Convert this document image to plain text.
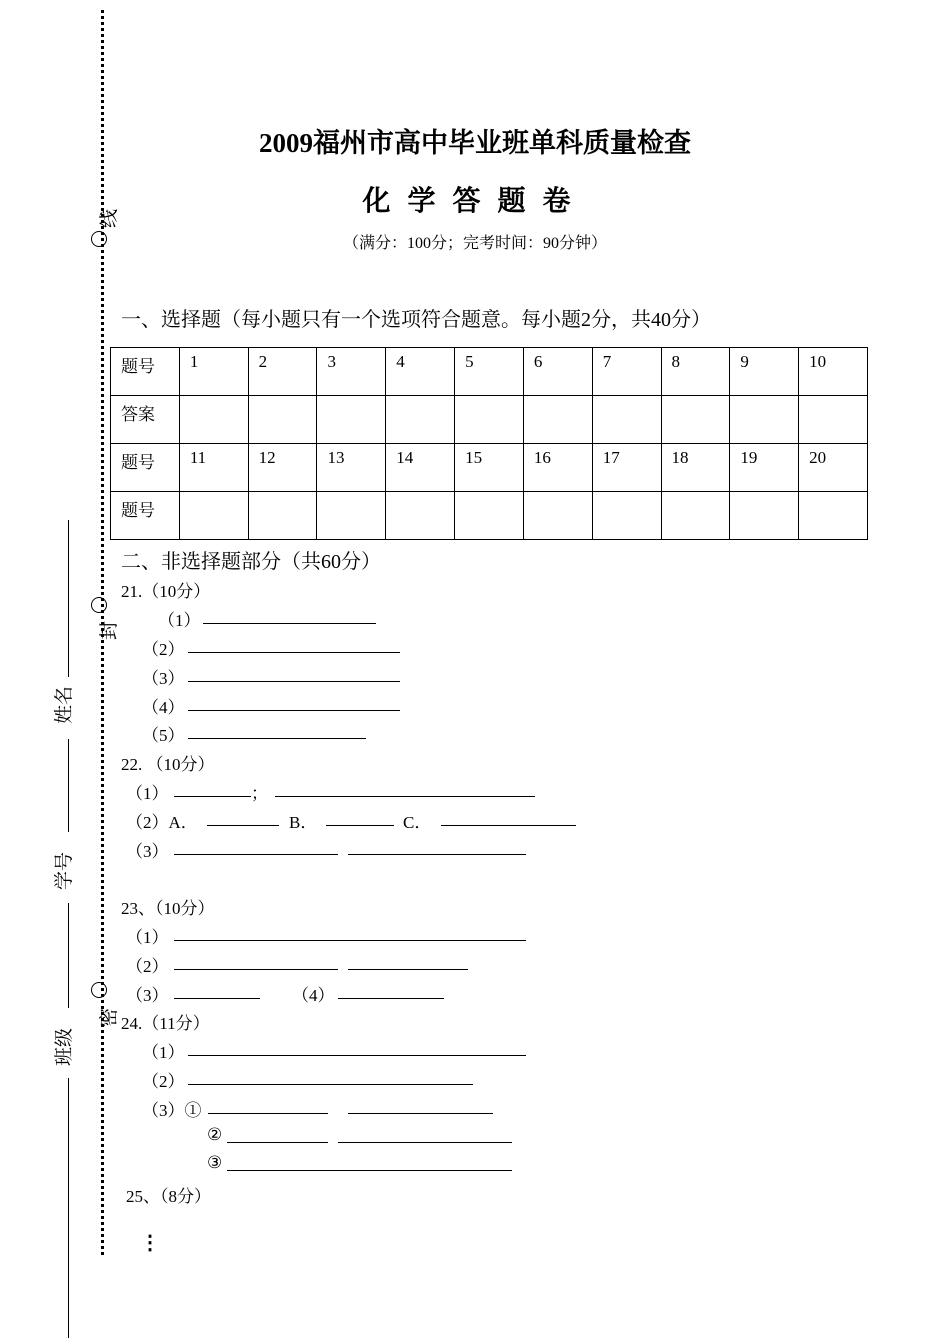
线
封
密
姓名
学号
班级
2009福州市高中毕业班单科质量检查
化学答题卷
（满分：100分；完考时间：90分钟）
一、选择题（每小题只有一个选项符合题意。每小题2分，共40分）
题号	1	2	3	4	5	6	7	8	9	10
答案										
题号	11	12	13	14	15	16	17	18	19	20
题号										
二、非选择题部分（共60分）
21.（10分）
（1）
（2）
（3）
（4）
（5）
22. （10分）
（1）	；
（2）A．	B．	C．
（3）
23、（10分）
（1）
（2）
（3）	（4）
24.（11分）
（1）
（2）
（3）①
②
③
25、（8分）
⋮
